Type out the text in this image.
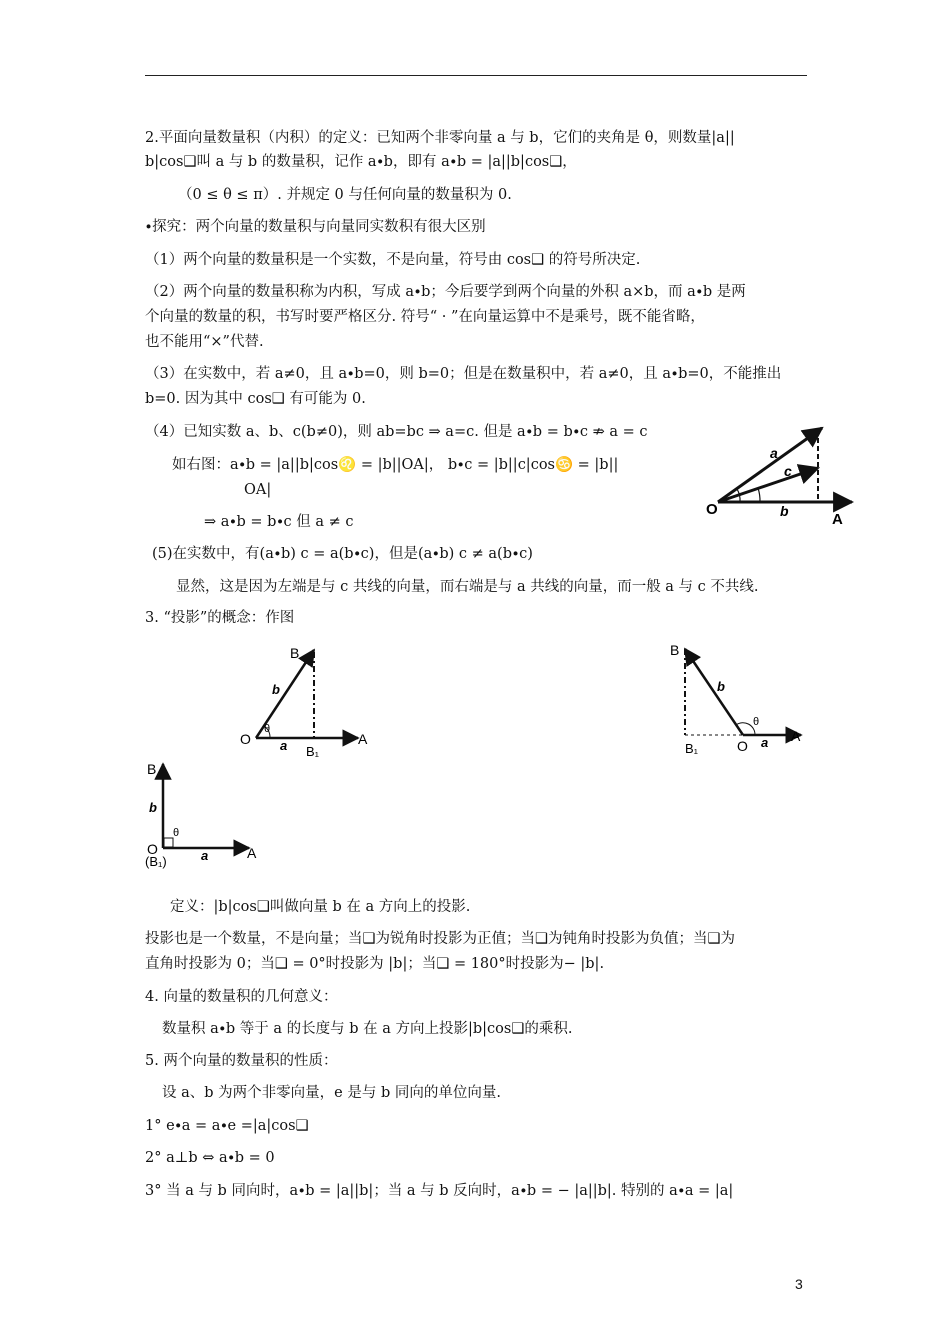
2.平面向量数量积（内积）的定义：已知两个非零向量 a 与 b，它们的夹角是 θ，则数量|a||
b|cos❑叫 a 与 b 的数量积，记作 a∙b，即有 a∙b = |a||b|cos❑，
（0 ≤ θ ≤ π）. 并规定 0 与任何向量的数量积为 0.
∙探究：两个向量的数量积与向量同实数积有很大区别
（1）两个向量的数量积是一个实数，不是向量，符号由 cos❑ 的符号所决定.
（2）两个向量的数量积称为内积，写成 a∙b；今后要学到两个向量的外积 a×b，而 a∙b 是两
个向量的数量的积，书写时要严格区分. 符号“ · ”在向量运算中不是乘号，既不能省略，
也不能用“×”代替.
（3）在实数中，若 a≠0，且 a∙b=0，则 b=0；但是在数量积中，若 a≠0，且 a∙b=0，不能推出
b=0. 因为其中 cos❑ 有可能为 0.
（4）已知实数 a、b、c(b≠0)，则 ab=bc ⇒ a=c. 但是 a∙b = b∙c ⇏ a = c
如右图：a∙b = |a||b|cos♌ = |b||OA|， b∙c = |b||c|cos♋ = |b||
OA|
⇒ a∙b = b∙c 但 a ≠ c
(5)在实数中，有(a∙b) c = a(b∙c)，但是(a∙b) c ≠ a(b∙c)
显然，这是因为左端是与 c 共线的向量，而右端是与 a 共线的向量，而一般 a 与 c 不共线.
3. “投影”的概念：作图
O
A
a
c
b
B
O	A
B₁
a
b
θ
B
O
A
B₁	a
b
θ
B
O	A
(B₁)	a
b
θ
定义：|b|cos❑叫做向量 b 在 a 方向上的投影.
投影也是一个数量，不是向量；当❑为锐角时投影为正值；当❑为钝角时投影为负值；当❑为
直角时投影为 0；当❑ = 0°时投影为 |b|；当❑ = 180°时投影为− |b|.
4. 向量的数量积的几何意义：
数量积 a∙b 等于 a 的长度与 b 在 a 方向上投影|b|cos❑的乘积.
5. 两个向量的数量积的性质：
设 a、b 为两个非零向量，e 是与 b 同向的单位向量.
1° e∙a = a∙e =|a|cos❑
2° a⊥b ⇔ a∙b = 0
3° 当 a 与 b 同向时，a∙b = |a||b|；当 a 与 b 反向时，a∙b = − |a||b|. 特别的 a∙a = |a|
3
